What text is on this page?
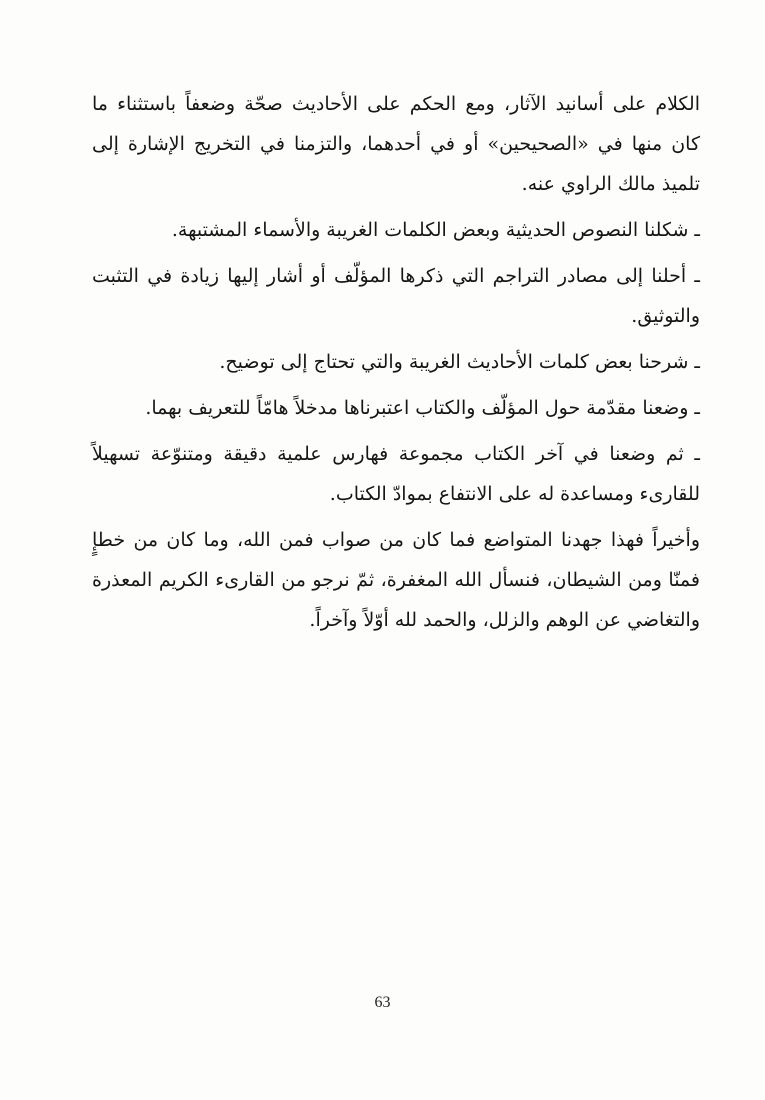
الكلام على أسانيد الآثار، ومع الحكم على الأحاديث صحّة وضعفاً باستثناء ما كان منها في «الصحيحين» أو في أحدهما، والتزمنا في التخريج الإشارة إلى تلميذ مالك الراوي عنه.

ـ شكلنا النصوص الحديثية وبعض الكلمات الغريبة والأسماء المشتبهة.

ـ أحلنا إلى مصادر التراجم التي ذكرها المؤلّف أو أشار إليها زيادة في التثبت والتوثيق.

ـ شرحنا بعض كلمات الأحاديث الغريبة والتي تحتاج إلى توضيح.

ـ وضعنا مقدّمة حول المؤلّف والكتاب اعتبرناها مدخلاً هامّاً للتعريف بهما.

ـ ثم وضعنا في آخر الكتاب مجموعة فهارس علمية دقيقة ومتنوّعة تسهيلاً للقارىء ومساعدة له على الانتفاع بموادّ الكتاب.

وأخيراً فهذا جهدنا المتواضع فما كان من صواب فمن الله، وما كان من خطإٍ فمنّا ومن الشيطان، فنسأل الله المغفرة، ثمّ نرجو من القارىء الكريم المعذرة والتغاضي عن الوهم والزلل، والحمد لله أوّلاً وآخراً.

63
